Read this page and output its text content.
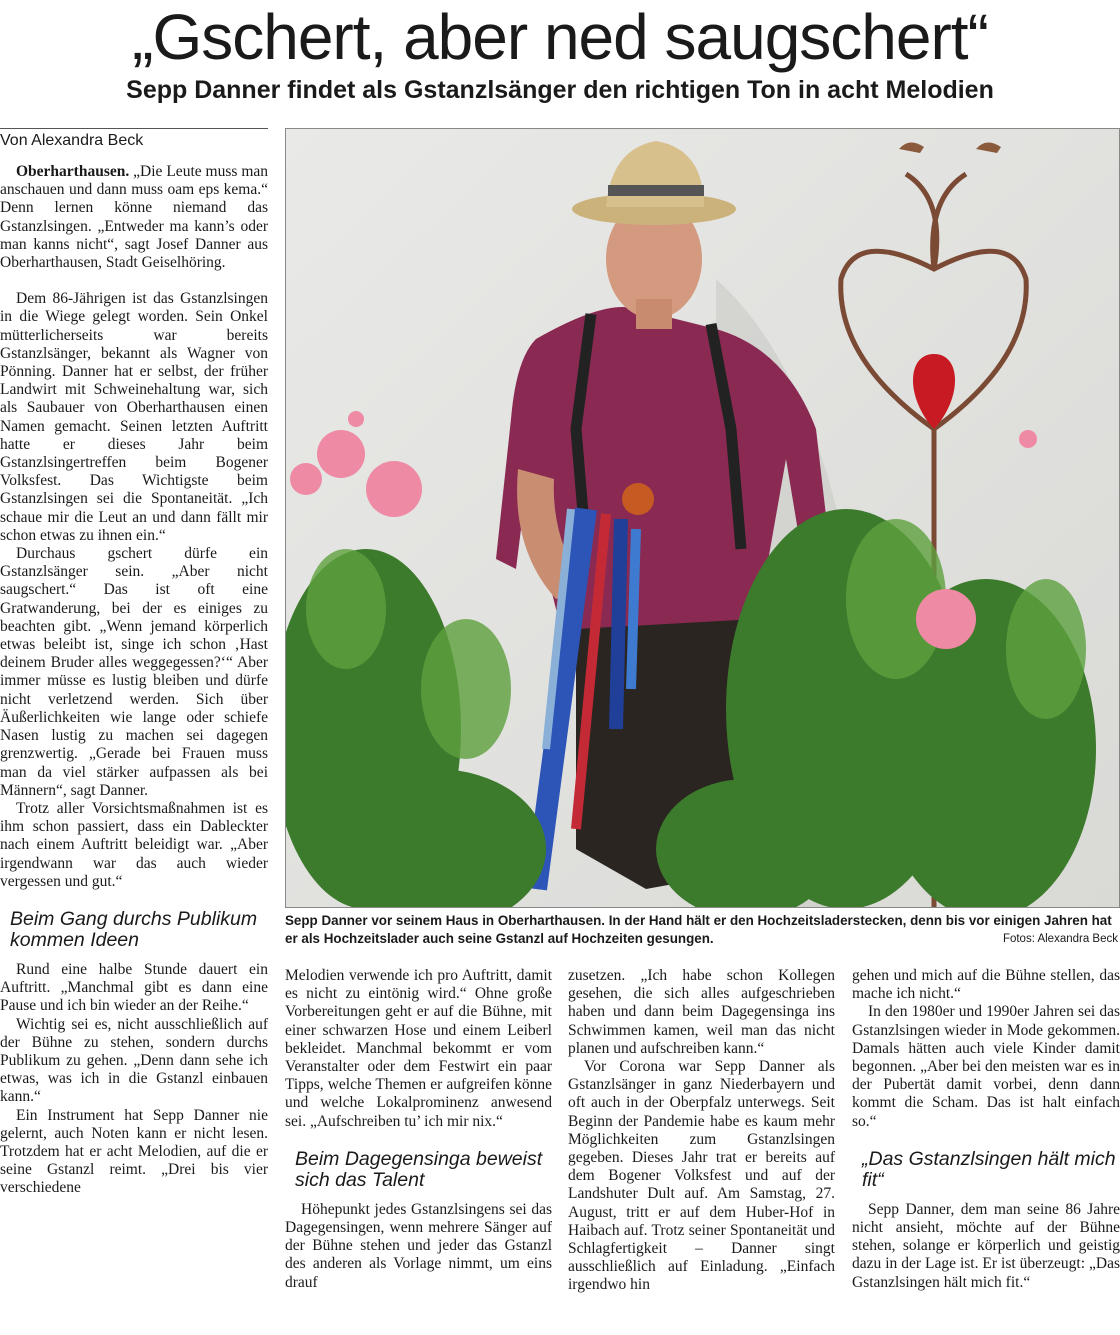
„Gschert, aber ned saugschert“
Sepp Danner findet als Gstanzlsänger den richtigen Ton in acht Melodien
Von Alexandra Beck

Oberharthausen. „Die Leute muss man anschauen und dann muss oam eps kema.“ Denn lernen könne niemand das Gstanzlsingen. „Entweder ma kann’s oder man kanns nicht“, sagt Josef Danner aus Oberharthausen, Stadt Geiselhöring.

Dem 86-Jährigen ist das Gstanzlsingen in die Wiege gelegt worden. Sein Onkel mütterlicherseits war bereits Gstanzlsänger, bekannt als Wagner von Pönning. Danner hat er selbst, der früher Landwirt mit Schweinehaltung war, sich als Saubauer von Oberharthausen einen Namen gemacht. Seinen letzten Auftritt hatte er dieses Jahr beim Gstanzlsingertreffen beim Bogener Volksfest. Das Wichtigste beim Gstanzlsingen sei die Spontaneität. „Ich schaue mir die Leut an und dann fällt mir schon etwas zu ihnen ein.“

Durchaus gschert dürfe ein Gstanzlsänger sein. „Aber nicht saugschert.“ Das ist oft eine Gratwanderung, bei der es einiges zu beachten gibt. „Wenn jemand körperlich etwas beleibt ist, singe ich schon ‚Hast deinem Bruder alles weggegessen?‘“ Aber immer müsse es lustig bleiben und dürfe nicht verletzend werden. Sich über Äußerlichkeiten wie lange oder schiefe Nasen lustig zu machen sei dagegen grenzwertig. „Gerade bei Frauen muss man da viel stärker aufpassen als bei Männern“, sagt Danner.

Trotz aller Vorsichtsmaßnahmen ist es ihm schon passiert, dass ein Dableckter nach einem Auftritt beleidigt war. „Aber irgendwann war das auch wieder vergessen und gut.“

Beim Gang durchs Publikum kommen Ideen

Rund eine halbe Stunde dauert ein Auftritt. „Manchmal gibt es dann eine Pause und ich bin wieder an der Reihe.“

Wichtig sei es, nicht ausschließlich auf der Bühne zu stehen, sondern durchs Publikum zu gehen. „Denn dann sehe ich etwas, was ich in die Gstanzl einbauen kann.“

Ein Instrument hat Sepp Danner nie gelernt, auch Noten kann er nicht lesen. Trotzdem hat er acht Melodien, auf die er seine Gstanzl reimt. „Drei bis vier verschiedene

Sepp Danner vor seinem Haus in Oberharthausen. In der Hand hält er den Hochzeitsladerstecken, denn bis vor einigen Jahren hat er als Hochzeitslader auch seine Gstanzl auf Hochzeiten gesungen.	Fotos: Alexandra Beck

Melodien verwende ich pro Auftritt, damit es nicht zu eintönig wird.“ Ohne große Vorbereitungen geht er auf die Bühne, mit einer schwarzen Hose und einem Leiberl bekleidet. Manchmal bekommt er vom Veranstalter oder dem Festwirt ein paar Tipps, welche Themen er aufgreifen könne und welche Lokalprominenz anwesend sei. „Aufschreiben tu’ ich mir nix.“

Beim Dagegensinga beweist sich das Talent

Höhepunkt jedes Gstanzlsingens sei das Dagegensingen, wenn mehrere Sänger auf der Bühne stehen und jeder das Gstanzl des anderen als Vorlage nimmt, um eins drauf

zusetzen. „Ich habe schon Kollegen gesehen, die sich alles aufgeschrieben haben und dann beim Dagegensinga ins Schwimmen kamen, weil man das nicht planen und aufschreiben kann.“

Vor Corona war Sepp Danner als Gstanzlsänger in ganz Niederbayern und oft auch in der Oberpfalz unterwegs. Seit Beginn der Pandemie habe es kaum mehr Möglichkeiten zum Gstanzlsingen gegeben. Dieses Jahr trat er bereits auf dem Bogener Volksfest und auf der Landshuter Dult auf. Am Samstag, 27. August, tritt er auf dem Huber-Hof in Haibach auf. Trotz seiner Spontaneität und Schlagfertigkeit – Danner singt ausschließlich auf Einladung. „Einfach irgendwo hin

gehen und mich auf die Bühne stellen, das mache ich nicht.“

In den 1980er und 1990er Jahren sei das Gstanzlsingen wieder in Mode gekommen. Damals hätten auch viele Kinder damit begonnen. „Aber bei den meisten war es in der Pubertät damit vorbei, denn dann kommt die Scham. Das ist halt einfach so.“

„Das Gstanzlsingen hält mich fit“

Sepp Danner, dem man seine 86 Jahre nicht ansieht, möchte auf der Bühne stehen, solange er körperlich und geistig dazu in der Lage ist. Er ist überzeugt: „Das Gstanzlsingen hält mich fit.“
